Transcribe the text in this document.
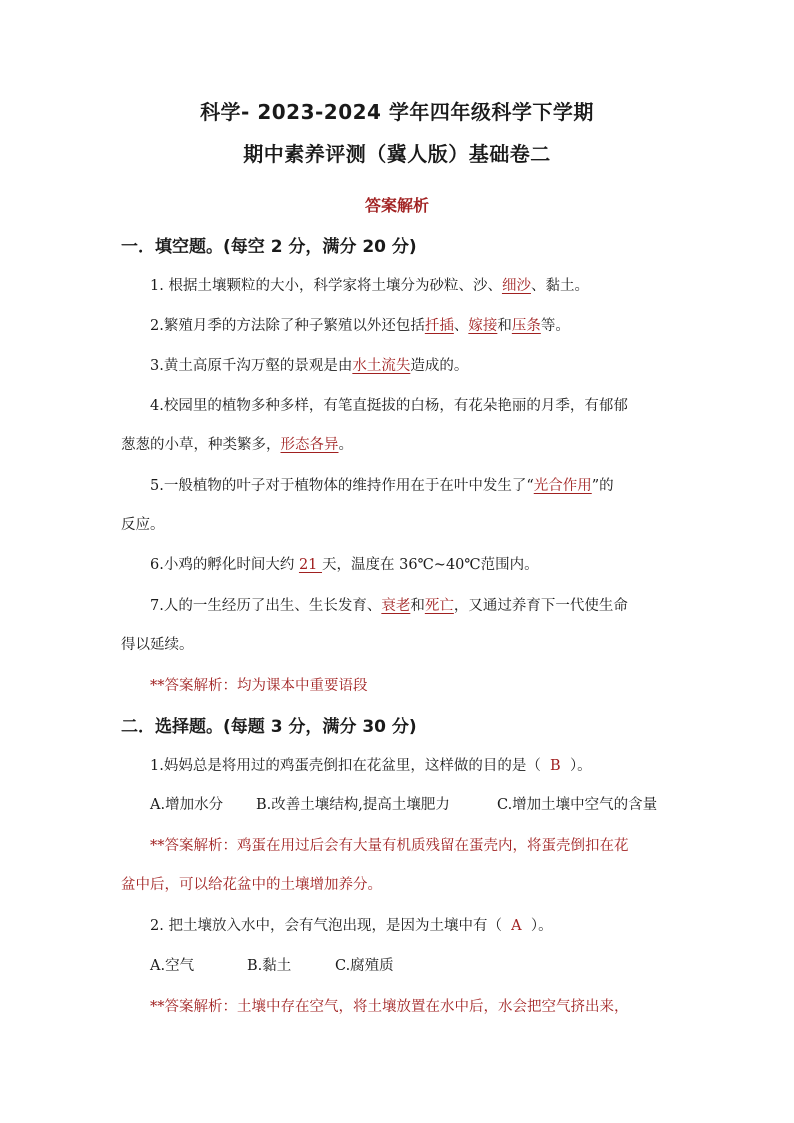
科学- 2023-2024 学年四年级科学下学期
期中素养评测（冀人版）基础卷二
答案解析
一．填空题。(每空 2 分，满分 20 分)
1. 根据土壤颗粒的大小，科学家将土壤分为砂粒、沙、细沙、黏土。
2.繁殖月季的方法除了种子繁殖以外还包括扦插、嫁接和压条等。
3.黄土高原千沟万壑的景观是由水土流失造成的。
4.校园里的植物多种多样，有笔直挺拔的白杨，有花朵艳丽的月季，有郁郁
葱葱的小草，种类繁多，形态各异。
5.一般植物的叶子对于植物体的维持作用在于在叶中发生了“光合作用”的
反应。
6.小鸡的孵化时间大约 21 天，温度在 36℃~40℃范围内。
7.人的一生经历了出生、生长发育、衰老和死亡，又通过养育下一代使生命
得以延续。
**答案解析：均为课本中重要语段
二．选择题。(每题 3 分，满分 30 分)
1.妈妈总是将用过的鸡蛋壳倒扣在花盆里，这样做的目的是（  B  ）。
A.增加水分 B.改善土壤结构,提高土壤肥力	C.增加土壤中空气的含量
**答案解析：鸡蛋在用过后会有大量有机质残留在蛋壳内，将蛋壳倒扣在花
盆中后，可以给花盆中的土壤增加养分。
2. 把土壤放入水中，会有气泡出现，是因为土壤中有（  A  ）。
A.空气	B.黏土	C.腐殖质
**答案解析：土壤中存在空气，将土壤放置在水中后，水会把空气挤出来，
